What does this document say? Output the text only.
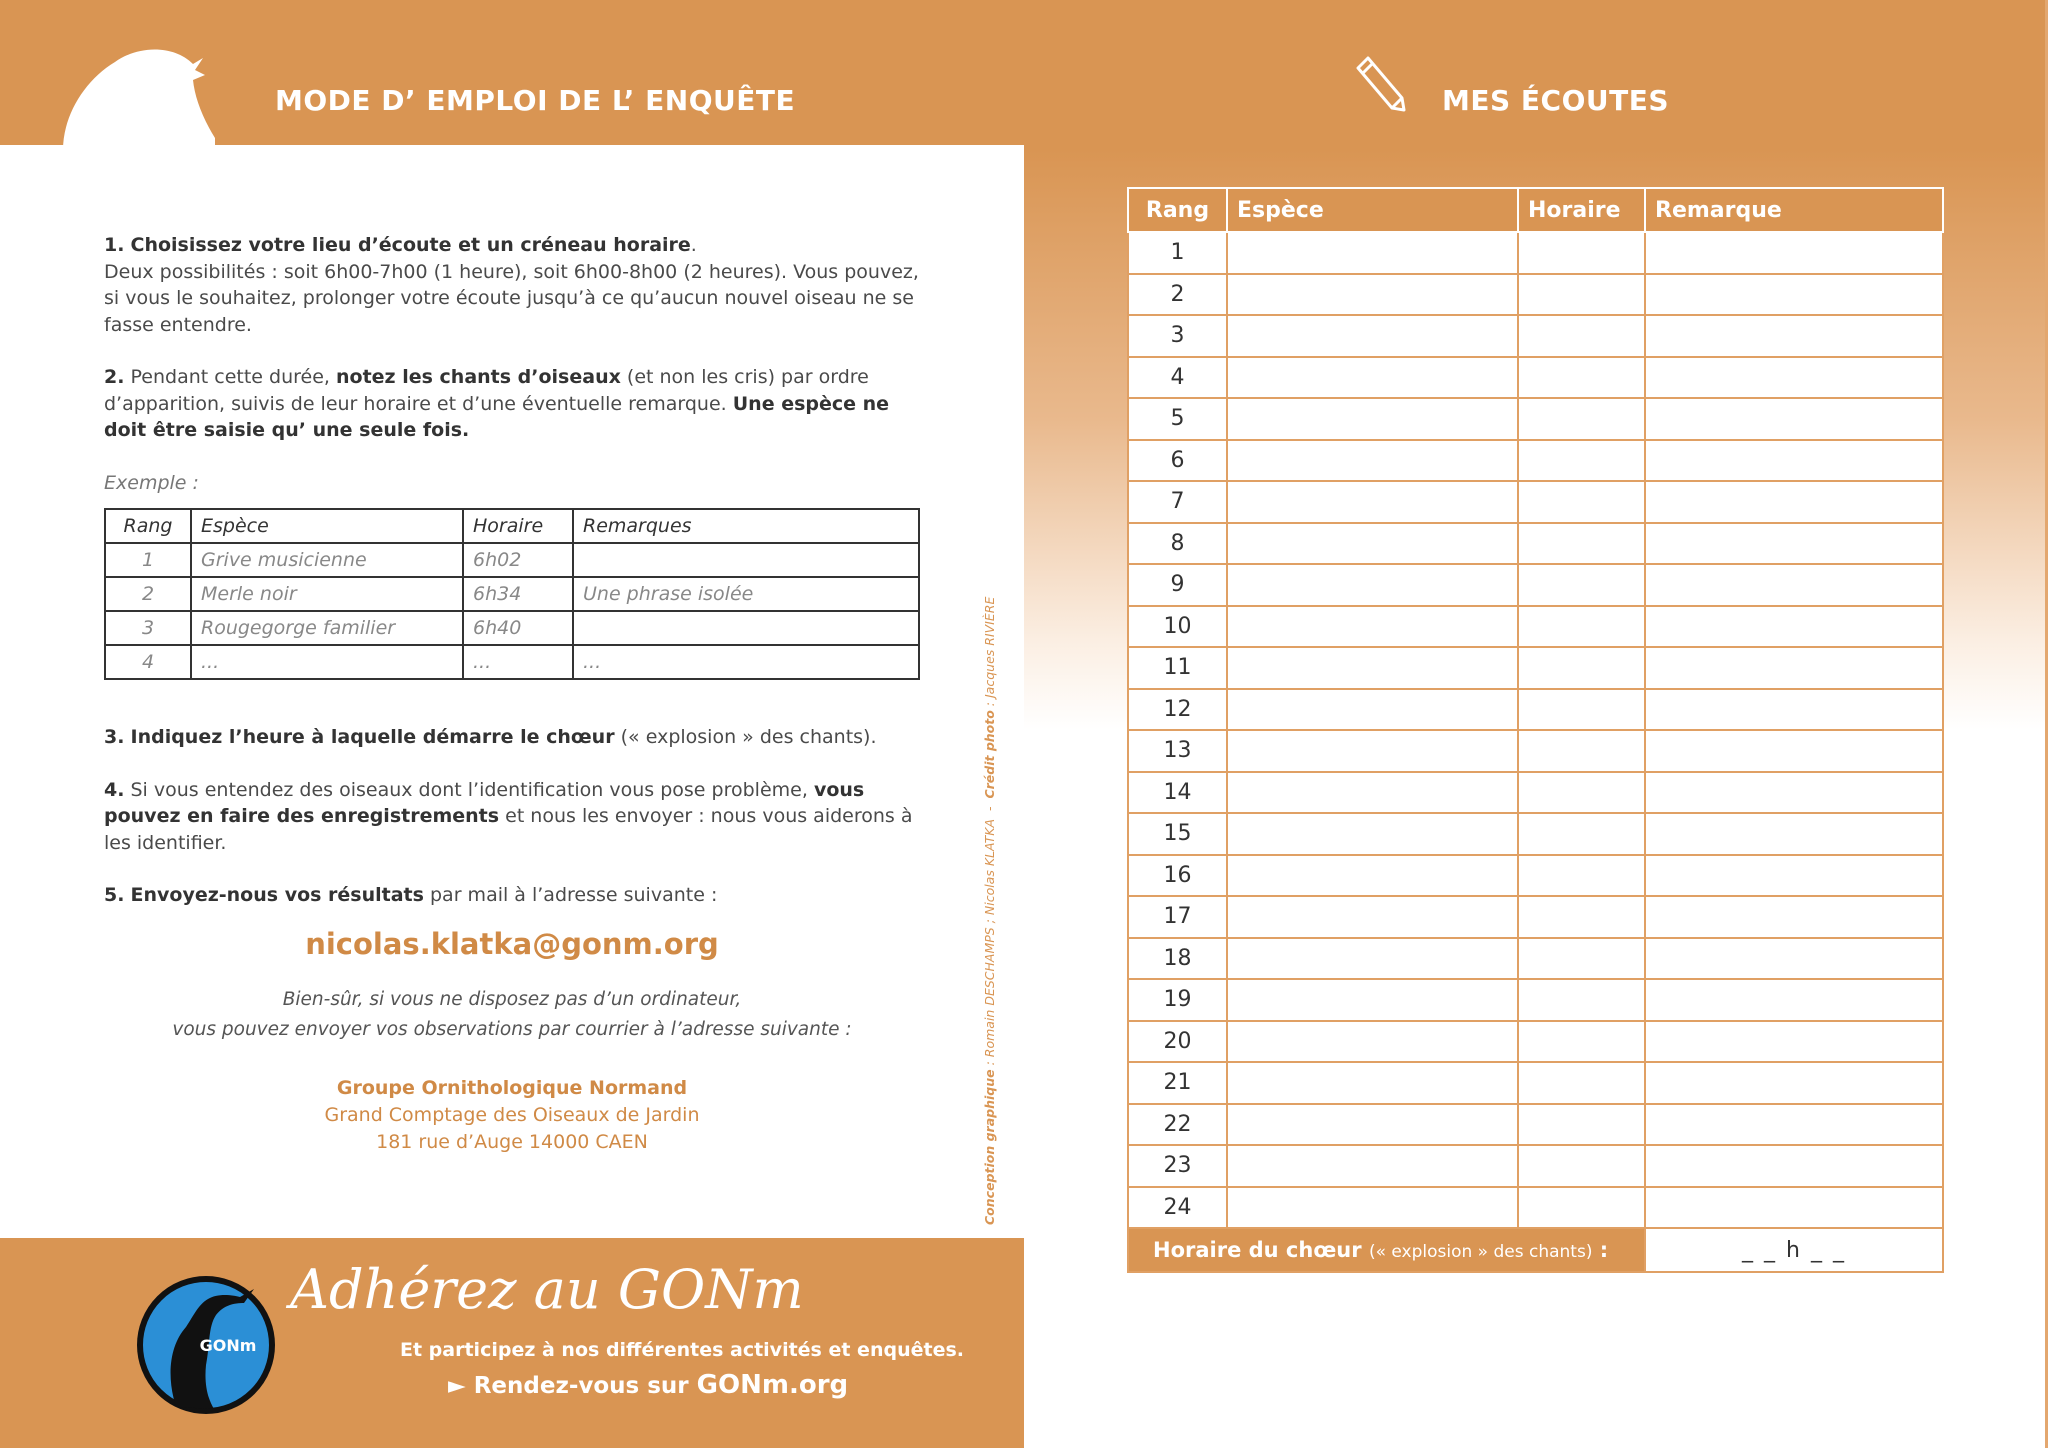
MODE D’ EMPLOI DE L’ ENQUÊTE

1. Choisissez votre lieu d’écoute et un créneau horaire.
Deux possibilités : soit 6h00-7h00 (1 heure), soit 6h00-8h00 (2 heures). Vous pouvez, si vous le souhaitez, prolonger votre écoute jusqu’à ce qu’aucun nouvel oiseau ne se fasse entendre.

2. Pendant cette durée, notez les chants d’oiseaux (et non les cris) par ordre d’apparition, suivis de leur horaire et d’une éventuelle remarque. Une espèce ne doit être saisie qu’ une seule fois.

Exemple :

Rang	Espèce	Horaire	Remarques
1	Grive musicienne	6h02	
2	Merle noir	6h34	Une phrase isolée
3	Rougegorge familier	6h40	
4	...	...	...

3. Indiquez l’heure à laquelle démarre le chœur (« explosion » des chants).

4. Si vous entendez des oiseaux dont l’identification vous pose problème, vous pouvez en faire des enregistrements et nous les envoyer : nous vous aiderons à les identifier.

5. Envoyez-nous vos résultats par mail à l’adresse suivante :

nicolas.klatka@gonm.org
Bien-sûr, si vous ne disposez pas d’un ordinateur,
vous pouvez envoyer vos observations par courrier à l’adresse suivante :
Groupe Ornithologique Normand
Grand Comptage des Oiseaux de Jardin
181 rue d’Auge 14000 CAEN	Conception graphique : Romain DESCHAMPS ; Nicolas KLATKA  -  Crédit photo : Jacques RIVIÈRE
GONm
Adhérez au GONm
Et participez à nos différentes activités et enquêtes.
► Rendez-vous sur GONm.org
MES ÉCOUTES
Rang	Espèce	Horaire	Remarque
1			
2			
3			
4			
5			
6			
7			
8			
9			
10			
11			
12			
13			
14			
15			
16			
17			
18			
19			
20			
21			
22			
23			
24			
Horaire du chœur (« explosion » des chants) :			_ _ h _ _
